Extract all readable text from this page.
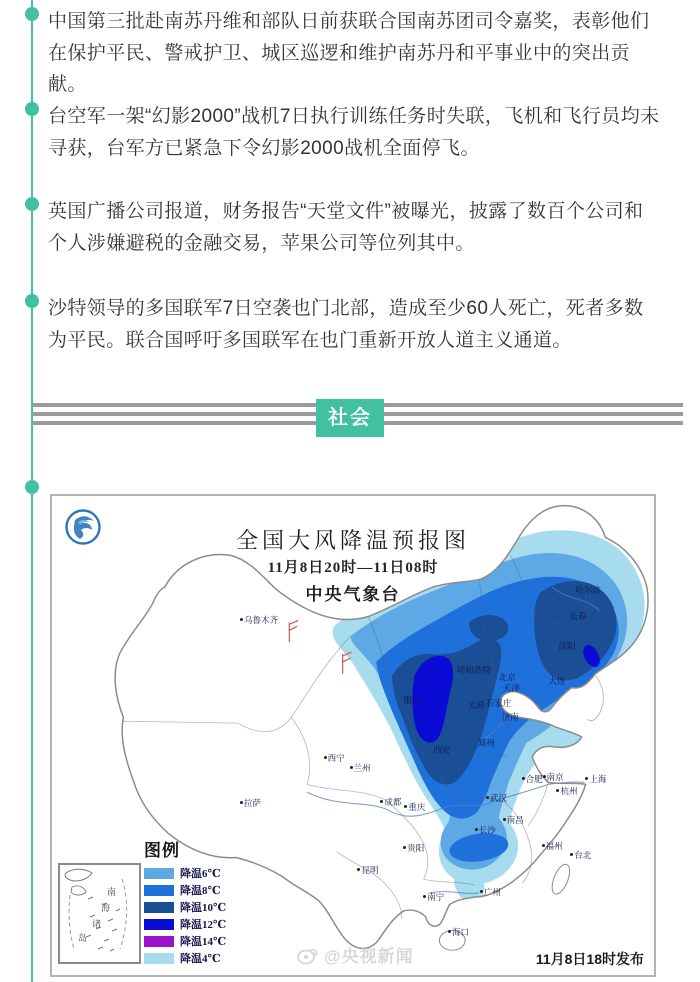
中国第三批赴南苏丹维和部队日前获联合国南苏团司令嘉奖，表彰他们在保护平民、警戒护卫、城区巡逻和维护南苏丹和平事业中的突出贡献。

台空军一架“幻影2000”战机7日执行训练任务时失联，飞机和飞行员均未寻获，台军方已紧急下令幻影2000战机全面停飞。

英国广播公司报道，财务报告“天堂文件”被曝光，披露了数百个公司和个人涉嫌避税的金融交易，苹果公司等位列其中。

沙特领导的多国联军7日空袭也门北部，造成至少60人死亡，死者多数为平民。联合国呼吁多国联军在也门重新开放人道主义通道。

社会
全国大风降温预报图
11月8日20时—11日08时
中央气象台
图例
降温6℃
降温8℃
降温10℃
降温12℃
降温14℃
降温4℃
南
海
诸
岛
乌鲁木齐
拉萨
西宁
兰州
银川
呼和浩特
北京
天津
石家庄
太原
济南
郑州
西安
哈尔滨
长春
沈阳
大连
成都 重庆
昆明
贵阳
南宁	广州
海口
福州
台北
杭州
上海
南京
合肥
武汉
南昌
长沙
@央视新闻	11月8日18时发布
